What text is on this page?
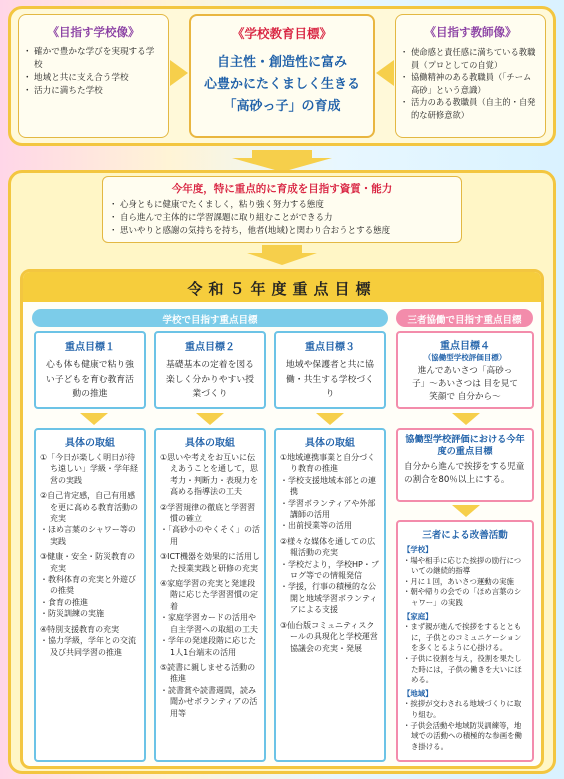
《目指す学校像》
・ 確かで豊かな学びを実現する学校
・ 地域と共に支え合う学校
・ 活力に満ちた学校
《学校教育目標》
自主性・創造性に富み
心豊かにたくましく生きる
「高砂っ子」の育成
《目指す教師像》
・ 使命感と責任感に満ちている教職員（プロとしての自覚）
・ 協働精神のある教職員（「チーム高砂」という意識）
・ 活力のある教職員（自主的・自発的な研修意欲）
今年度，特に重点的に育成を目指す資質・能力
・ 心身ともに健康でたくましく，粘り強く努力する態度
・ 自ら進んで主体的に学習課題に取り組むことができる力
・ 思いやりと感謝の気持ちを持ち，他者(地域)と関わり合おうとする態度
令和５年度重点目標
学校で目指す重点目標	三者協働で目指す重点目標
重点目標１
心も体も健康で粘り強い子どもを育む教育活動の推進
重点目標２
基礎基本の定着を図る楽しく分かりやすい授業づくり
重点目標３
地域や保護者と共に協働・共生する学校づくり
重点目標４
（協働型学校評価目標）
進んであいさつ「高砂っ子」〜あいさつは 目を見て笑顔で 自分から〜
具体の取組
①「今日が楽しく明日が待ち遠しい」学級・学年経営の実践
②自己肯定感，自己有用感を更に高める教育活動の充実
・ほめ言葉のシャワー等の実践
③健康・安全・防災教育の充実
・教科体育の充実と外遊びの推奨
・食育の推進
・防災訓練の実施
④特別支援教育の充実
・協力学級，学年との交流及び共同学習の推進
具体の取組
①思いや考えをお互いに伝えあうことを通して，思考力・判断力・表現力を高める指導法の工夫
②学習規律の徹底と学習習慣の確立
・「高砂小のやくそく」の活用
③ICT機器を効果的に活用した授業実践と研修の充実
④家庭学習の充実と発達段階に応じた学習習慣の定着
・家庭学習カードの活用や自主学習への取組の工夫
・学年の発達段階に応じた1人1台端末の活用
⑤読書に親しませる活動の推進
・読書賞や読書週間，読み聞かせボランティアの活用等
具体の取組
①地域連携事業と自分づくり教育の推進
・学校支援地域本部との連携
・学習ボランティアや外部講師の活用
・出前授業等の活用
②様々な媒体を通しての広報活動の充実
・学校だより，学校HP・ブログ等での情報発信
・学援，行事の積極的な公開と地域学習ボランティアによる支援
③仙台版コミュニティスクールの具現化と学校運営協議会の充実・発展
協働型学校評価における今年度の重点目標
自分から進んで挨拶をする児童の割合を80％以上にする。
三者による改善活動
【学校】
・場や相手に応じた挨拶の励行についての継続的指導
・月に１回，あいさつ運動の実施
・朝や帰りの会での「ほめ言葉のシャワー」の実践
【家庭】
・まず親が進んで挨拶をするとともに，子供とのコミュニケーションを多くとるように心掛ける。
・子供に役割を与え，役割を果たした時には，子供の働きを大いにほめる。
【地域】
・挨拶が交わされる地域づくりに取り組む。
・子供会活動や地域防災訓練等，地域での活動への積極的な参画を働き掛ける。
